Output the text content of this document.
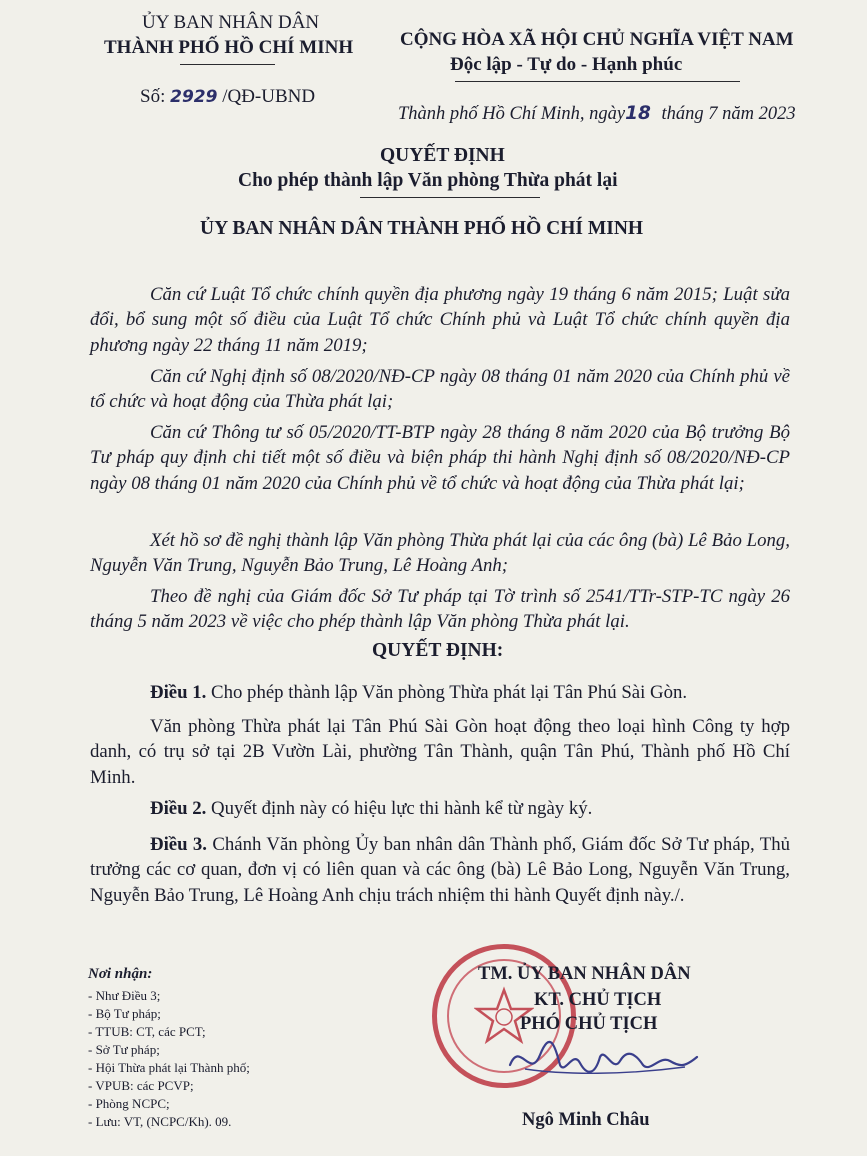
ỦY BAN NHÂN DÂN
THÀNH PHỐ HỒ CHÍ MINH CỘNG HÒA XÃ HỘI CHỦ NGHĨA VIỆT NAM
Độc lập - Tự do - Hạnh phúc
Số: 2929 /QĐ-UBND
Thành phố Hồ Chí Minh, ngày18 tháng 7 năm 2023
QUYẾT ĐỊNH
Cho phép thành lập Văn phòng Thừa phát lại
ỦY BAN NHÂN DÂN THÀNH PHỐ HỒ CHÍ MINH
Căn cứ Luật Tổ chức chính quyền địa phương ngày 19 tháng 6 năm 2015; Luật sửa đổi, bổ sung một số điều của Luật Tổ chức Chính phủ và Luật Tổ chức chính quyền địa phương ngày 22 tháng 11 năm 2019;
Căn cứ Nghị định số 08/2020/NĐ-CP ngày 08 tháng 01 năm 2020 của Chính phủ về tổ chức và hoạt động của Thừa phát lại;
Căn cứ Thông tư số 05/2020/TT-BTP ngày 28 tháng 8 năm 2020 của Bộ trưởng Bộ Tư pháp quy định chi tiết một số điều và biện pháp thi hành Nghị định số 08/2020/NĐ-CP ngày 08 tháng 01 năm 2020 của Chính phủ về tổ chức và hoạt động của Thừa phát lại;
Xét hồ sơ đề nghị thành lập Văn phòng Thừa phát lại của các ông (bà) Lê Bảo Long, Nguyễn Văn Trung, Nguyễn Bảo Trung, Lê Hoàng Anh;
Theo đề nghị của Giám đốc Sở Tư pháp tại Tờ trình số 2541/TTr-STP-TC ngày 26 tháng 5 năm 2023 về việc cho phép thành lập Văn phòng Thừa phát lại.
QUYẾT ĐỊNH:
Điều 1. Cho phép thành lập Văn phòng Thừa phát lại Tân Phú Sài Gòn.
Văn phòng Thừa phát lại Tân Phú Sài Gòn hoạt động theo loại hình Công ty hợp danh, có trụ sở tại 2B Vườn Lài, phường Tân Thành, quận Tân Phú, Thành phố Hồ Chí Minh.
Điều 2. Quyết định này có hiệu lực thi hành kể từ ngày ký.
Điều 3. Chánh Văn phòng Ủy ban nhân dân Thành phố, Giám đốc Sở Tư pháp, Thủ trưởng các cơ quan, đơn vị có liên quan và các ông (bà) Lê Bảo Long, Nguyễn Văn Trung, Nguyễn Bảo Trung, Lê Hoàng Anh chịu trách nhiệm thi hành Quyết định này./.
Nơi nhận:
- Như Điều 3;
- Bộ Tư pháp;
- TTUB: CT, các PCT;
- Sở Tư pháp;
- Hội Thừa phát lại Thành phố;
- VPUB: các PCVP;
- Phòng NCPC;
- Lưu: VT, (NCPC/Kh). 09.
TM. ỦY BAN NHÂN DÂN
KT. CHỦ TỊCH
PHÓ CHỦ TỊCH
Ngô Minh Châu
